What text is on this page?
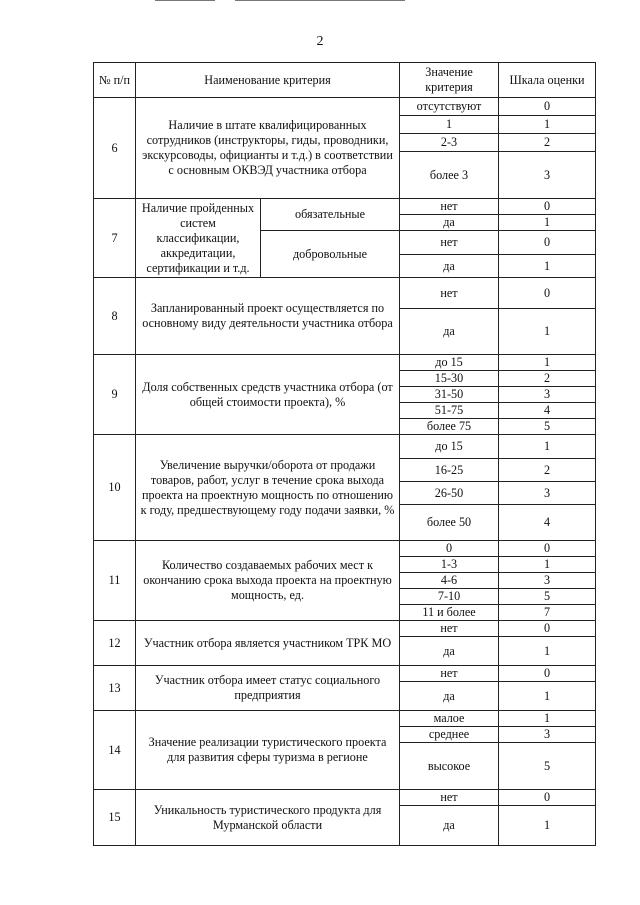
2
№ п/п	Наименование критерия		Значение критерия	Шкала оценки
6	Наличие в штате квалифицированных сотрудников (инструкторы, гиды, проводники, экскурсоводы, официанты и т.д.) в соответствии с основным ОКВЭД участника отбора		отсутствуют	0
			1	1
			2-3	2
			более 3	3
7	Наличие пройденных систем классификации, аккредитации, сертификации и т.д.	обязательные	нет	0
			да	1
		добровольные	нет	0
			да	1
8	Запланированный проект осуществляется по основному виду деятельности участника отбора		нет	0
			да	1
9	Доля собственных средств участника отбора (от общей стоимости проекта), %		до 15	1
			15-30	2
			31-50	3
			51-75	4
			более 75	5
10	Увеличение выручки/оборота от продажи товаров, работ, услуг в течение срока выхода проекта на проектную мощность по отношению к году, предшествующему году подачи заявки, %		до 15	1
			16-25	2
			26-50	3
			более 50	4
11	Количество создаваемых рабочих мест к окончанию срока выхода проекта на проектную мощность, ед.		0	0
			1-3	1
			4-6	3
			7-10	5
			11 и более	7
12	Участник отбора является участником ТРК МО		нет	0
			да	1
13	Участник отбора имеет статус социального предприятия		нет	0
			да	1
14	Значение реализации туристического проекта для развития сферы туризма в регионе		малое	1
			среднее	3
			высокое	5
15	Уникальность туристического продукта для Мурманской области		нет	0
			да	1
